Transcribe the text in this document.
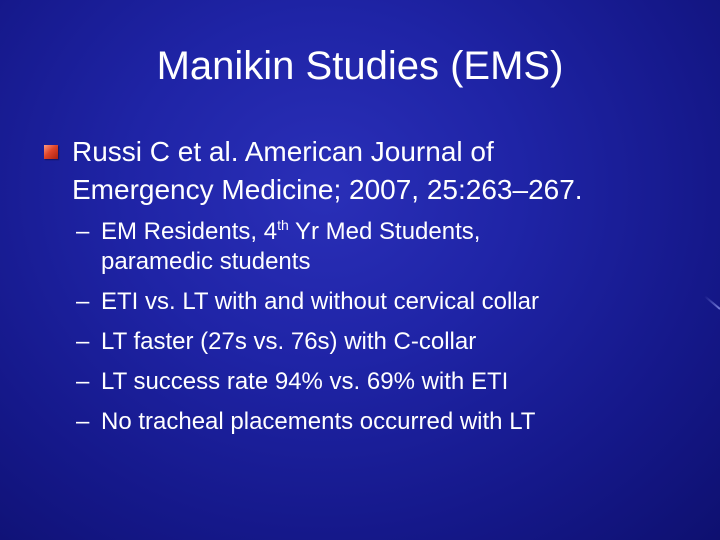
Manikin Studies (EMS)
Russi C et al. American Journal of
Emergency Medicine; 2007, 25:263–267.
– EM Residents, 4th Yr Med Students,
paramedic students
– ETI vs. LT with and without cervical collar
– LT faster (27s vs. 76s) with C-collar
– LT success rate 94% vs. 69% with ETI
– No tracheal placements occurred with LT
